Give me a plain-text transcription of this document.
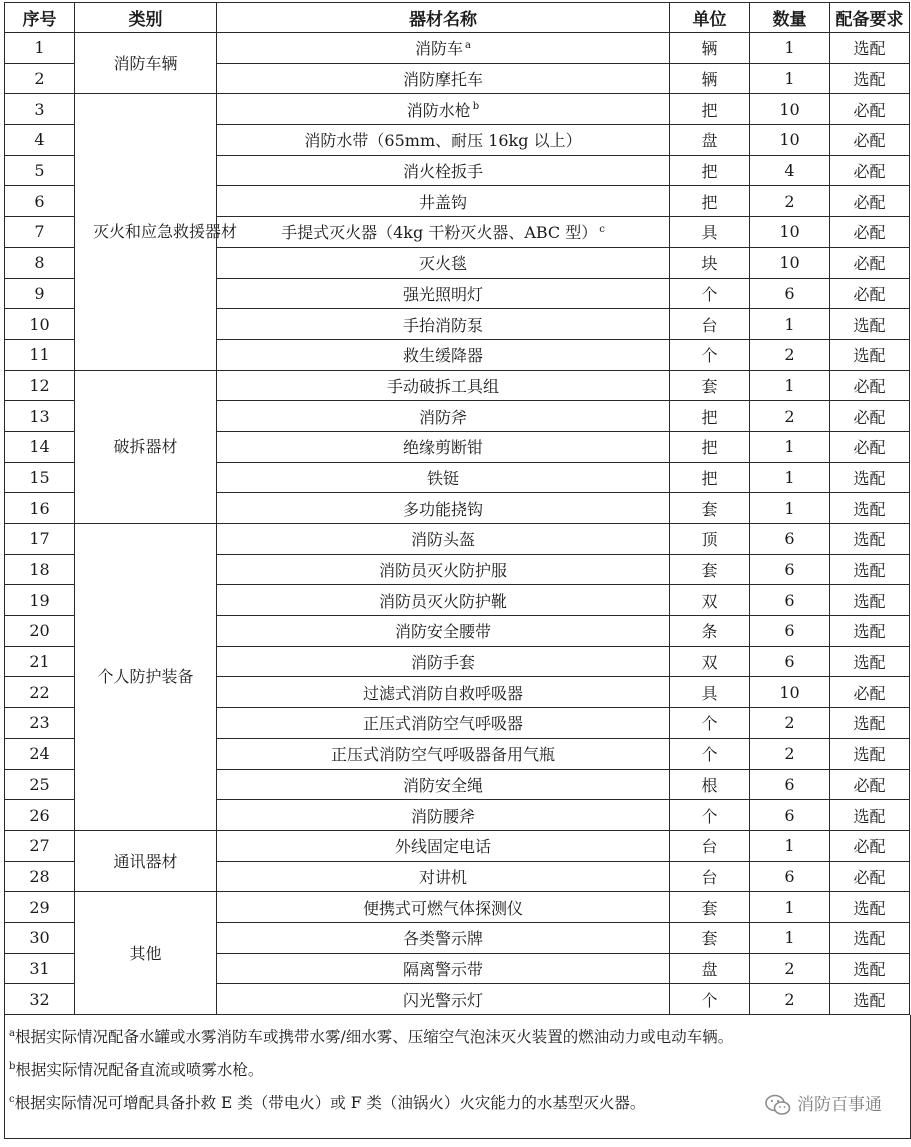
序号	类别	器材名称	单位	数量	配备要求
1	消防车辆	消防车 $^a$	辆	1	选配
2		消防摩托车	辆	1	选配
3	灭火和应急救援器材	消防水枪 $^b$	把	10	必配
4		消防水带（65mm、耐压 16kg 以上）	盘	10	必配
5		消火栓扳手	把	4	必配
6		井盖钩	把	2	必配
7		手提式灭火器（4kg 干粉灭火器、ABC 型） $^c$	具	10	必配
8		灭火毯	块	10	必配
9		强光照明灯	个	6	必配
10		手抬消防泵	台	1	选配
11		救生缓降器	个	2	选配
12	破拆器材	手动破拆工具组	套	1	必配
13		消防斧	把	2	必配
14		绝缘剪断钳	把	1	必配
15		铁铤	把	1	选配
16		多功能挠钩	套	1	选配
17	个人防护装备	消防头盔	顶	6	选配
18		消防员灭火防护服	套	6	选配
19		消防员灭火防护靴	双	6	选配
20		消防安全腰带	条	6	选配
21		消防手套	双	6	选配
22		过滤式消防自救呼吸器	具	10	必配
23		正压式消防空气呼吸器	个	2	选配
24		正压式消防空气呼吸器备用气瓶	个	2	选配
25		消防安全绳	根	6	必配
26		消防腰斧	个	6	选配
27	通讯器材	外线固定电话	台	1	必配
28		对讲机	台	6	必配
29	其他	便携式可燃气体探测仪	套	1	选配
30		各类警示牌	套	1	选配
31		隔离警示带	盘	2	选配
32		闪光警示灯	个	2	选配

$^a$根据实际情况配备水罐或水雾消防车或携带水雾/细水雾、压缩空气泡沫灭火装置的燃油动力或电动车辆。

$^b$根据实际情况配备直流或喷雾水枪。

$^c$根据实际情况可增配具备扑救 E 类（带电火）或 F 类（油锅火）火灾能力的水基型灭火器。	消防百事通
